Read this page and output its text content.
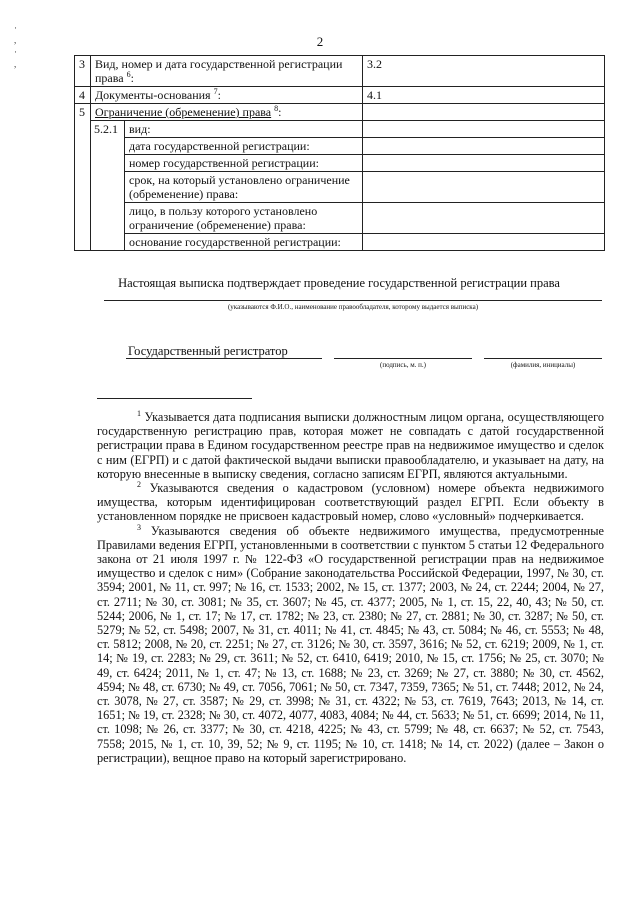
·
,
·
,
2
3	Вид, номер и дата государственной регистрации права $^6$:		3.2
4	Документы-основания $^7$:		4.1
5	Ограничение (обременение) права $^8$:		
	5.2.1	вид:	
		дата государственной регистрации:	
		номер государственной регистрации:	
		срок, на который установлено ограничение (обременение) права:	
		лицо, в пользу которого установлено ограничение (обременение) права:	
		основание государственной регистрации:	
Настоящая выписка подтверждает проведение государственной регистрации права
(указываются Ф.И.О., наименование правообладателя, которому выдается выписка)
Государственный регистратор
(подпись, м. п.)	(фамилия, инициалы)

$^1$ Указывается дата подписания выписки должностным лицом органа, осуществляющего государственную регистрацию прав, которая может не совпадать с датой государственной регистрации права в Едином государственном реестре прав на недвижимое имущество и сделок с ним (ЕГРП) и с датой фактической выдачи выписки правообладателю, и указывает на дату, на которую внесенные в выписку сведения, согласно записям ЕГРП, являются актуальными.

$^2$ Указываются сведения о кадастровом (условном) номере объекта недвижимого имущества, которым идентифицирован соответствующий раздел ЕГРП. Если объекту в установленном порядке не присвоен кадастровый номер, слово «условный» подчеркивается.

$^3$ Указываются сведения об объекте недвижимого имущества, предусмотренные Правилами ведения ЕГРП, установленными в соответствии с пунктом 5 статьи 12 Федерального закона от 21 июля 1997 г. № 122-ФЗ «О государственной регистрации прав на недвижимое имущество и сделок с ним» (Собрание законодательства Российской Федерации, 1997, № 30, ст. 3594; 2001, № 11, ст. 997; № 16, ст. 1533; 2002, № 15, ст. 1377; 2003, № 24, ст. 2244; 2004, № 27, ст. 2711; № 30, ст. 3081; № 35, ст. 3607; № 45, ст. 4377; 2005, № 1, ст. 15, 22, 40, 43; № 50, ст. 5244; 2006, № 1, ст. 17; № 17, ст. 1782; № 23, ст. 2380; № 27, ст. 2881; № 30, ст. 3287; № 50, ст. 5279; № 52, ст. 5498; 2007, № 31, ст. 4011; № 41, ст. 4845; № 43, ст. 5084; № 46, ст. 5553; № 48, ст. 5812; 2008, № 20, ст. 2251; № 27, ст. 3126; № 30, ст. 3597, 3616; № 52, ст. 6219; 2009, № 1, ст. 14; № 19, ст. 2283; № 29, ст. 3611; № 52, ст. 6410, 6419; 2010, № 15, ст. 1756; № 25, ст. 3070; № 49, ст. 6424; 2011, № 1, ст. 47; № 13, ст. 1688; № 23, ст. 3269; № 27, ст. 3880; № 30, ст. 4562, 4594; № 48, ст. 6730; № 49, ст. 7056, 7061; № 50, ст. 7347, 7359, 7365; № 51, ст. 7448; 2012, № 24, ст. 3078, № 27, ст. 3587; № 29, ст. 3998; № 31, ст. 4322; № 53, ст. 7619, 7643; 2013, № 14, ст. 1651; № 19, ст. 2328; № 30, ст. 4072, 4077, 4083, 4084; № 44, ст. 5633; № 51, ст. 6699; 2014, № 11, ст. 1098; № 26, ст. 3377; № 30, ст. 4218, 4225; № 43, ст. 5799; № 48, ст. 6637; № 52, ст. 7543, 7558; 2015, № 1, ст. 10, 39, 52; № 9, ст. 1195; № 10, ст. 1418; № 14, ст. 2022) (далее – Закон о регистрации), вещное право на который зарегистрировано.
